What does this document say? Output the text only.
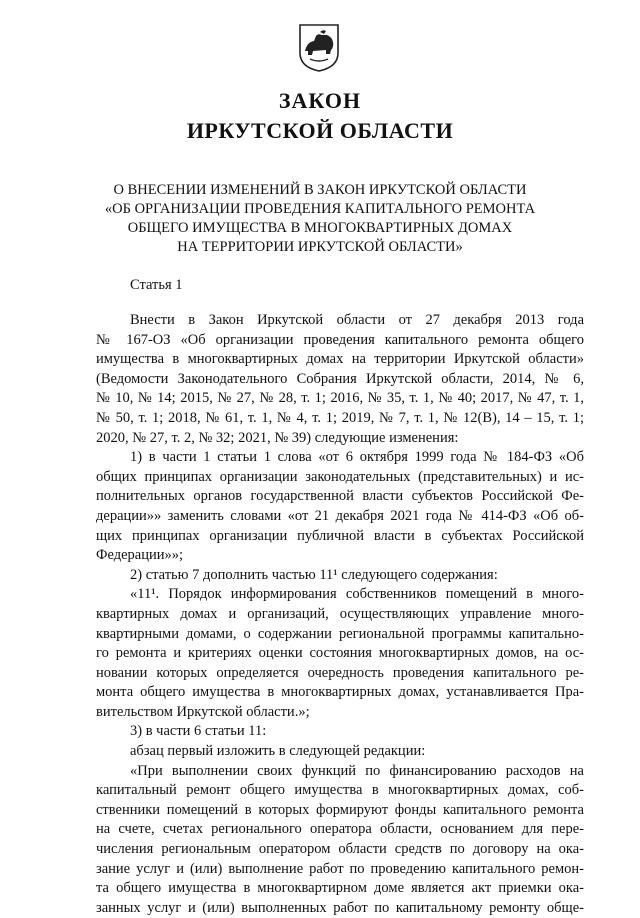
ЗАКОН
ИРКУТСКОЙ ОБЛАСТИ
О ВНЕСЕНИИ ИЗМЕНЕНИЙ В ЗАКОН ИРКУТСКОЙ ОБЛАСТИ
«ОБ ОРГАНИЗАЦИИ ПРОВЕДЕНИЯ КАПИТАЛЬНОГО РЕМОНТА
ОБЩЕГО ИМУЩЕСТВА В МНОГОКВАРТИРНЫХ ДОМАХ
НА ТЕРРИТОРИИ ИРКУТСКОЙ ОБЛАСТИ»
Статья 1
Внести в Закон Иркутской области от 27 декабря 2013 года
№ 167-ОЗ «Об организации проведения капитального ремонта общего
имущества в многоквартирных домах на территории Иркутской области»
(Ведомости Законодательного Собрания Иркутской области, 2014, № 6,
№ 10, № 14; 2015, № 27, № 28, т. 1; 2016, № 35, т. 1, № 40; 2017, № 47, т. 1,
№ 50, т. 1; 2018, № 61, т. 1, № 4, т. 1; 2019, № 7, т. 1, № 12(В), 14 – 15, т. 1;
2020, № 27, т. 2, № 32; 2021, № 39) следующие изменения:
1) в части 1 статьи 1 слова «от 6 октября 1999 года № 184-ФЗ «Об
общих принципах организации законодательных (представительных) и ис-
полнительных органов государственной власти субъектов Российской Фе-
дерации»» заменить словами «от 21 декабря 2021 года № 414-ФЗ «Об об-
щих принципах организации публичной власти в субъектах Российской
Федерации»»;
2) статью 7 дополнить частью 11¹ следующего содержания:
«11¹. Порядок информирования собственников помещений в много-
квартирных домах и организаций, осуществляющих управление много-
квартирными домами, о содержании региональной программы капитально-
го ремонта и критериях оценки состояния многоквартирных домов, на ос-
новании которых определяется очередность проведения капитального ре-
монта общего имущества в многоквартирных домах, устанавливается Пра-
вительством Иркутской области.»;
3) в части 6 статьи 11:
абзац первый изложить в следующей редакции:
«При выполнении своих функций по финансированию расходов на
капитальный ремонт общего имущества в многоквартирных домах, соб-
ственники помещений в которых формируют фонды капитального ремонта
на счете, счетах регионального оператора области, основанием для пере-
числения региональным оператором области средств по договору на ока-
зание услуг и (или) выполнение работ по проведению капитального ремон-
та общего имущества в многоквартирном доме является акт приемки ока-
занных услуг и (или) выполненных работ по капитальному ремонту обще-
